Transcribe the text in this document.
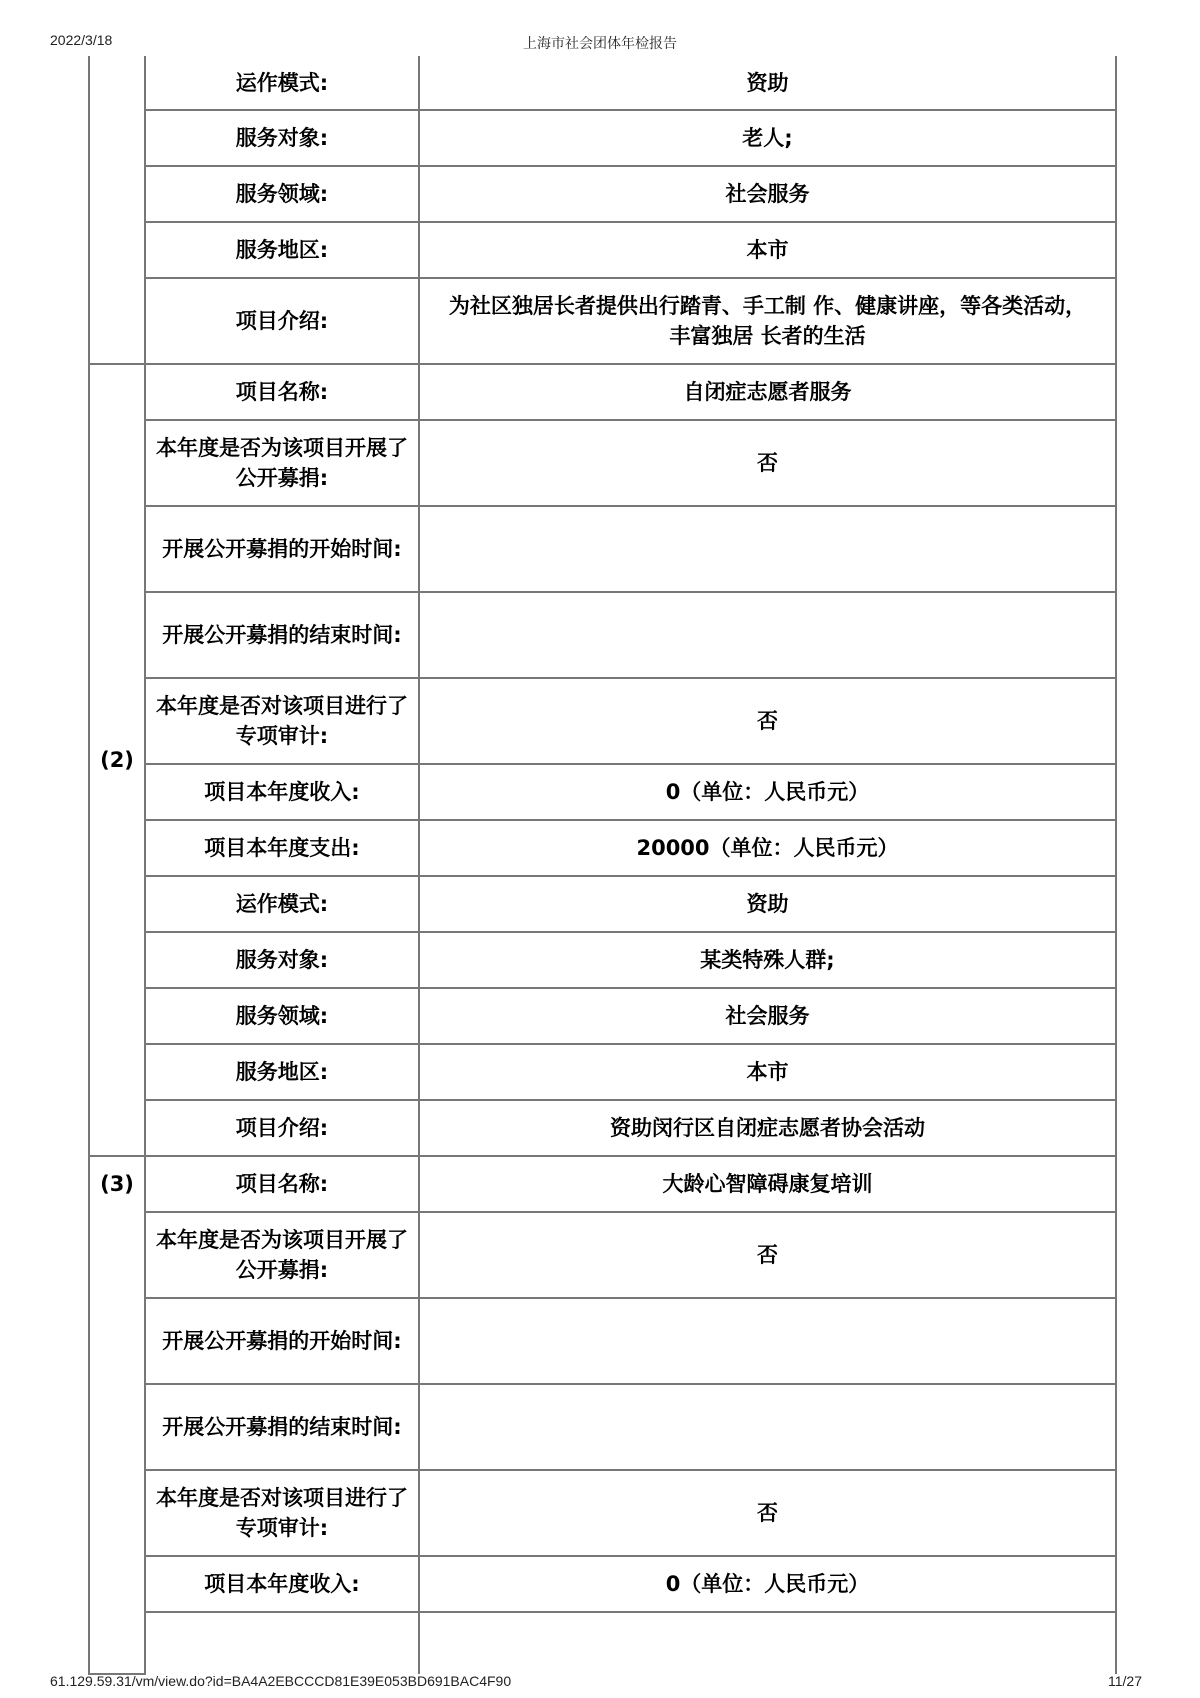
2022/3/18	上海市社会团体年检报告
	运作模式:	资助
	服务对象:	老人;
	服务领域:	社会服务
	服务地区:	本市
	项目介绍:	为社区独居长者提供出行踏青、手工制 作、健康讲座，等各类活动，丰富独居 长者的生活
(2)	项目名称:	自闭症志愿者服务
	本年度是否为该项目开展了公开募捐:	否
	开展公开募捐的开始时间:	
	开展公开募捐的结束时间:	
	本年度是否对该项目进行了专项审计:	否
	项目本年度收入:	0（单位：人民币元）
	项目本年度支出:	20000（单位：人民币元）
	运作模式:	资助
	服务对象:	某类特殊人群;
	服务领域:	社会服务
	服务地区:	本市
	项目介绍:	资助闵行区自闭症志愿者协会活动
(3)	项目名称:	大龄心智障碍康复培训
	本年度是否为该项目开展了公开募捐:	否
	开展公开募捐的开始时间:	
	开展公开募捐的结束时间:	
	本年度是否对该项目进行了专项审计:	否
	项目本年度收入:	0（单位：人民币元）

61.129.59.31/vm/view.do?id=BA4A2EBCCCD81E39E053BD691BAC4F90	11/27
